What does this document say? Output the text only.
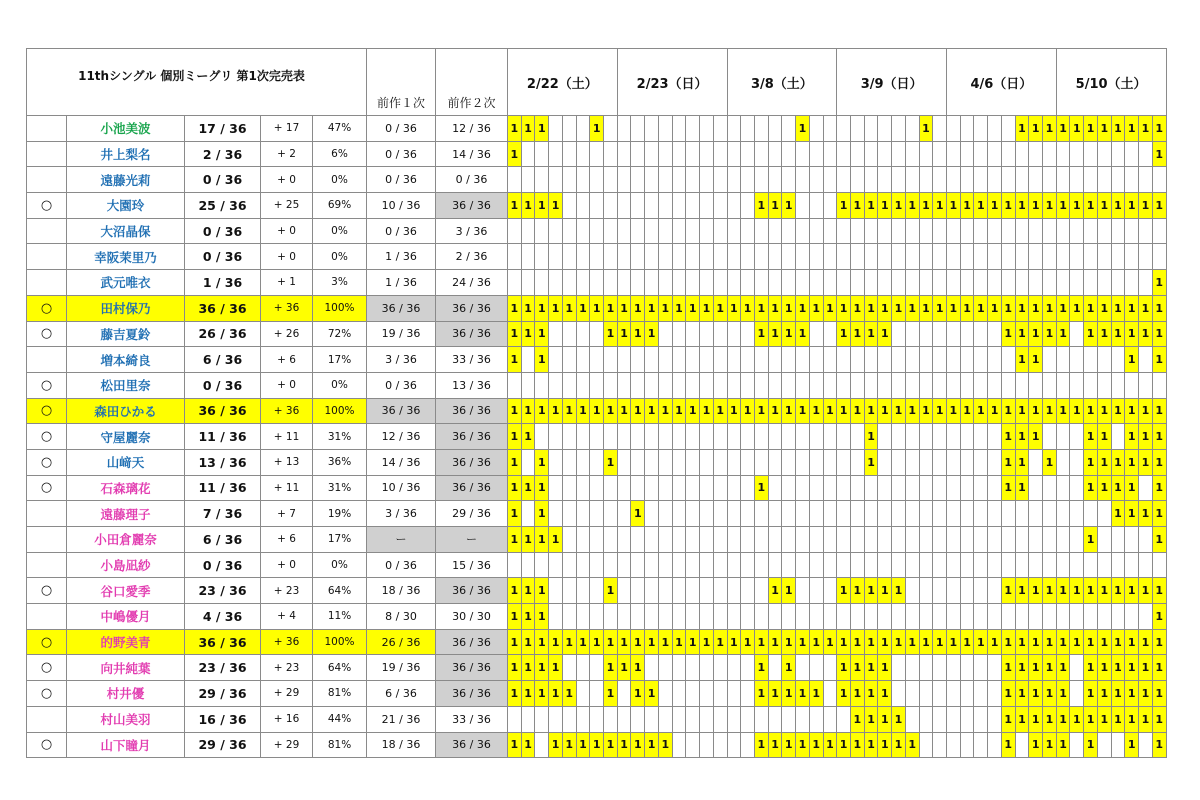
11thシングル 個別ミーグリ 第1次完売表					前作１次	前作２次	2/22（土）								2/23（日）								3/8（土）								3/9（日）								4/6（日）								5/10（土）							
	小池美波	17 / 36	+ 17	47%	0 / 36	12 / 36	1	1	1				1															1									1							1	1	1	1	1	1	1	1	1	1	1

	井上梨名	2 / 36	+ 2	6%	0 / 36	14 / 36	1																																															1

	遠藤光莉	0 / 36	+ 0	0%	0 / 36	0 / 36																																																
○	大園玲	25 / 36	+ 25	69%	10 / 36	36 / 36	1	1	1	1															1	1	1				1	1	1	1	1	1	1	1	1	1	1	1	1	1	1	1	1	1	1	1	1	1	1	1

	大沼晶保	0 / 36	+ 0	0%	0 / 36	3 / 36																																																
	幸阪茉里乃	0 / 36	+ 0	0%	1 / 36	2 / 36																																																
	武元唯衣	1 / 36	+ 1	3%	1 / 36	24 / 36																																																1

○	田村保乃	36 / 36	+ 36	100%	36 / 36	36 / 36	1	1	1	1	1	1	1	1	1	1	1	1	1	1	1	1	1	1	1	1	1	1	1	1	1	1	1	1	1	1	1	1	1	1	1	1	1	1	1	1	1	1	1	1	1	1	1	1

○	藤吉夏鈴	26 / 36	+ 26	72%	19 / 36	36 / 36	1	1	1					1	1	1	1								1	1	1	1			1	1	1	1									1	1	1	1	1		1	1	1	1	1	1

	増本綺良	6 / 36	+ 6	17%	3 / 36	33 / 36	1		1																																			1	1							1		1

○	松田里奈	0 / 36	+ 0	0%	0 / 36	13 / 36																																																
○	森田ひかる	36 / 36	+ 36	100%	36 / 36	36 / 36	1	1	1	1	1	1	1	1	1	1	1	1	1	1	1	1	1	1	1	1	1	1	1	1	1	1	1	1	1	1	1	1	1	1	1	1	1	1	1	1	1	1	1	1	1	1	1	1

○	守屋麗奈	11 / 36	+ 11	31%	12 / 36	36 / 36	1	1																									1										1	1	1				1	1		1	1	1

○	山﨑天	13 / 36	+ 13	36%	14 / 36	36 / 36	1		1					1																			1										1	1		1			1	1	1	1	1	1

○	石森璃花	11 / 36	+ 11	31%	10 / 36	36 / 36	1	1	1																1																		1	1					1	1	1	1		1

	遠藤理子	7 / 36	+ 7	19%	3 / 36	29 / 36	1		1							1																																			1	1	1	1

	小田倉麗奈	6 / 36	+ 6	17%	ー	ー	1	1	1	1																																							1					1

	小島凪紗	0 / 36	+ 0	0%	0 / 36	15 / 36																																																
○	谷口愛季	23 / 36	+ 23	64%	18 / 36	36 / 36	1	1	1					1												1	1				1	1	1	1	1								1	1	1	1	1	1	1	1	1	1	1	1

	中嶋優月	4 / 36	+ 4	11%	8 / 30	30 / 30	1	1	1																																													1

○	的野美青	36 / 36	+ 36	100%	26 / 36	36 / 36	1	1	1	1	1	1	1	1	1	1	1	1	1	1	1	1	1	1	1	1	1	1	1	1	1	1	1	1	1	1	1	1	1	1	1	1	1	1	1	1	1	1	1	1	1	1	1	1

○	向井純葉	23 / 36	+ 23	64%	19 / 36	36 / 36	1	1	1	1				1	1	1									1		1				1	1	1	1									1	1	1	1	1		1	1	1	1	1	1

○	村井優	29 / 36	+ 29	81%	6 / 36	36 / 36	1	1	1	1	1			1		1	1								1	1	1	1	1		1	1	1	1									1	1	1	1	1		1	1	1	1	1	1

	村山美羽	16 / 36	+ 16	44%	21 / 36	33 / 36																										1	1	1	1								1	1	1	1	1	1	1	1	1	1	1	1

○	山下瞳月	29 / 36	+ 29	81%	18 / 36	36 / 36	1	1		1	1	1	1	1	1	1	1	1							1	1	1	1	1	1	1	1	1	1	1	1							1		1	1	1		1			1		1
